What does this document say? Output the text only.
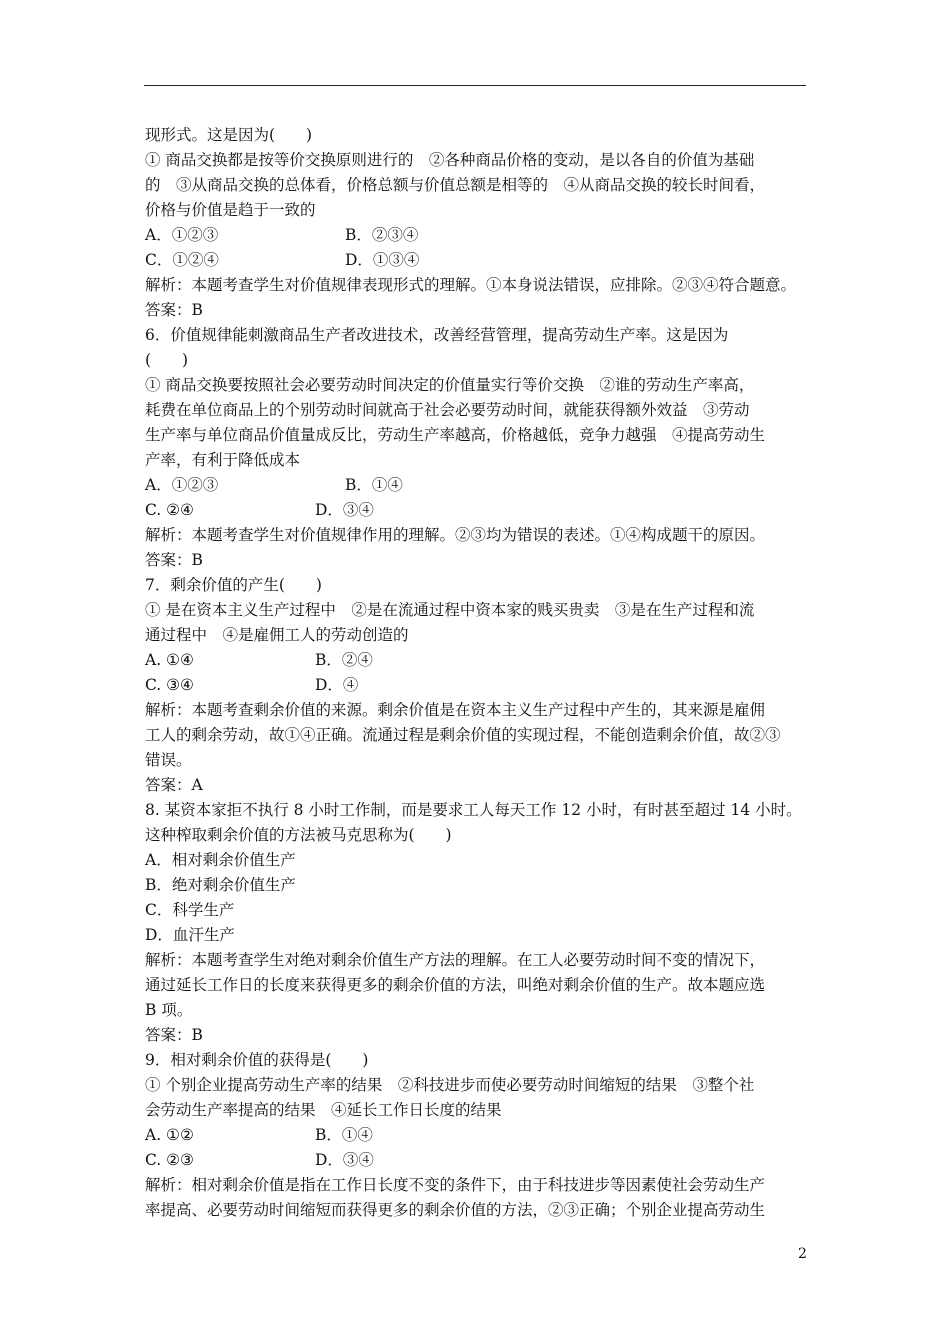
现形式。这是因为(　　)
① 商品交换都是按等价交换原则进行的　②各种商品价格的变动，是以各自的价值为基础
的　③从商品交换的总体看，价格总额与价值总额是相等的　④从商品交换的较长时间看，
价格与价值是趋于一致的
A．①②③	B．②③④
C．①②④	D．①③④
解析：本题考查学生对价值规律表现形式的理解。①本身说法错误，应排除。②③④符合题意。
答案：B
6．价值规律能刺激商品生产者改进技术，改善经营管理，提高劳动生产率。这是因为
(　　)
① 商品交换要按照社会必要劳动时间决定的价值量实行等价交换　②谁的劳动生产率高，
耗费在单位商品上的个别劳动时间就高于社会必要劳动时间，就能获得额外效益　③劳动
生产率与单位商品价值量成反比，劳动生产率越高，价格越低，竞争力越强　④提高劳动生
产率，有利于降低成本
A．①②③	B．①④
C. ②④	D．③④
解析：本题考查学生对价值规律作用的理解。②③均为错误的表述。①④构成题干的原因。
答案：B
7．剩余价值的产生(　　)
① 是在资本主义生产过程中　②是在流通过程中资本家的贱买贵卖　③是在生产过程和流
通过程中　④是雇佣工人的劳动创造的
A. ①④	B．②④
C. ③④	D．④
解析：本题考查剩余价值的来源。剩余价值是在资本主义生产过程中产生的，其来源是雇佣
工人的剩余劳动，故①④正确。流通过程是剩余价值的实现过程，不能创造剩余价值，故②③
错误。
答案：A
8. 某资本家拒不执行 8 小时工作制，而是要求工人每天工作 12 小时，有时甚至超过 14 小时。
这种榨取剩余价值的方法被马克思称为(　　)
A．相对剩余价值生产
B．绝对剩余价值生产
C．科学生产
D．血汗生产
解析：本题考查学生对绝对剩余价值生产方法的理解。在工人必要劳动时间不变的情况下，
通过延长工作日的长度来获得更多的剩余价值的方法，叫绝对剩余价值的生产。故本题应选
B 项。
答案：B
9．相对剩余价值的获得是(　　)
① 个别企业提高劳动生产率的结果　②科技进步而使必要劳动时间缩短的结果　③整个社
会劳动生产率提高的结果　④延长工作日长度的结果
A. ①②	B．①④
C. ②③	D．③④
解析：相对剩余价值是指在工作日长度不变的条件下，由于科技进步等因素使社会劳动生产
率提高、必要劳动时间缩短而获得更多的剩余价值的方法，②③正确；个别企业提高劳动生
2
